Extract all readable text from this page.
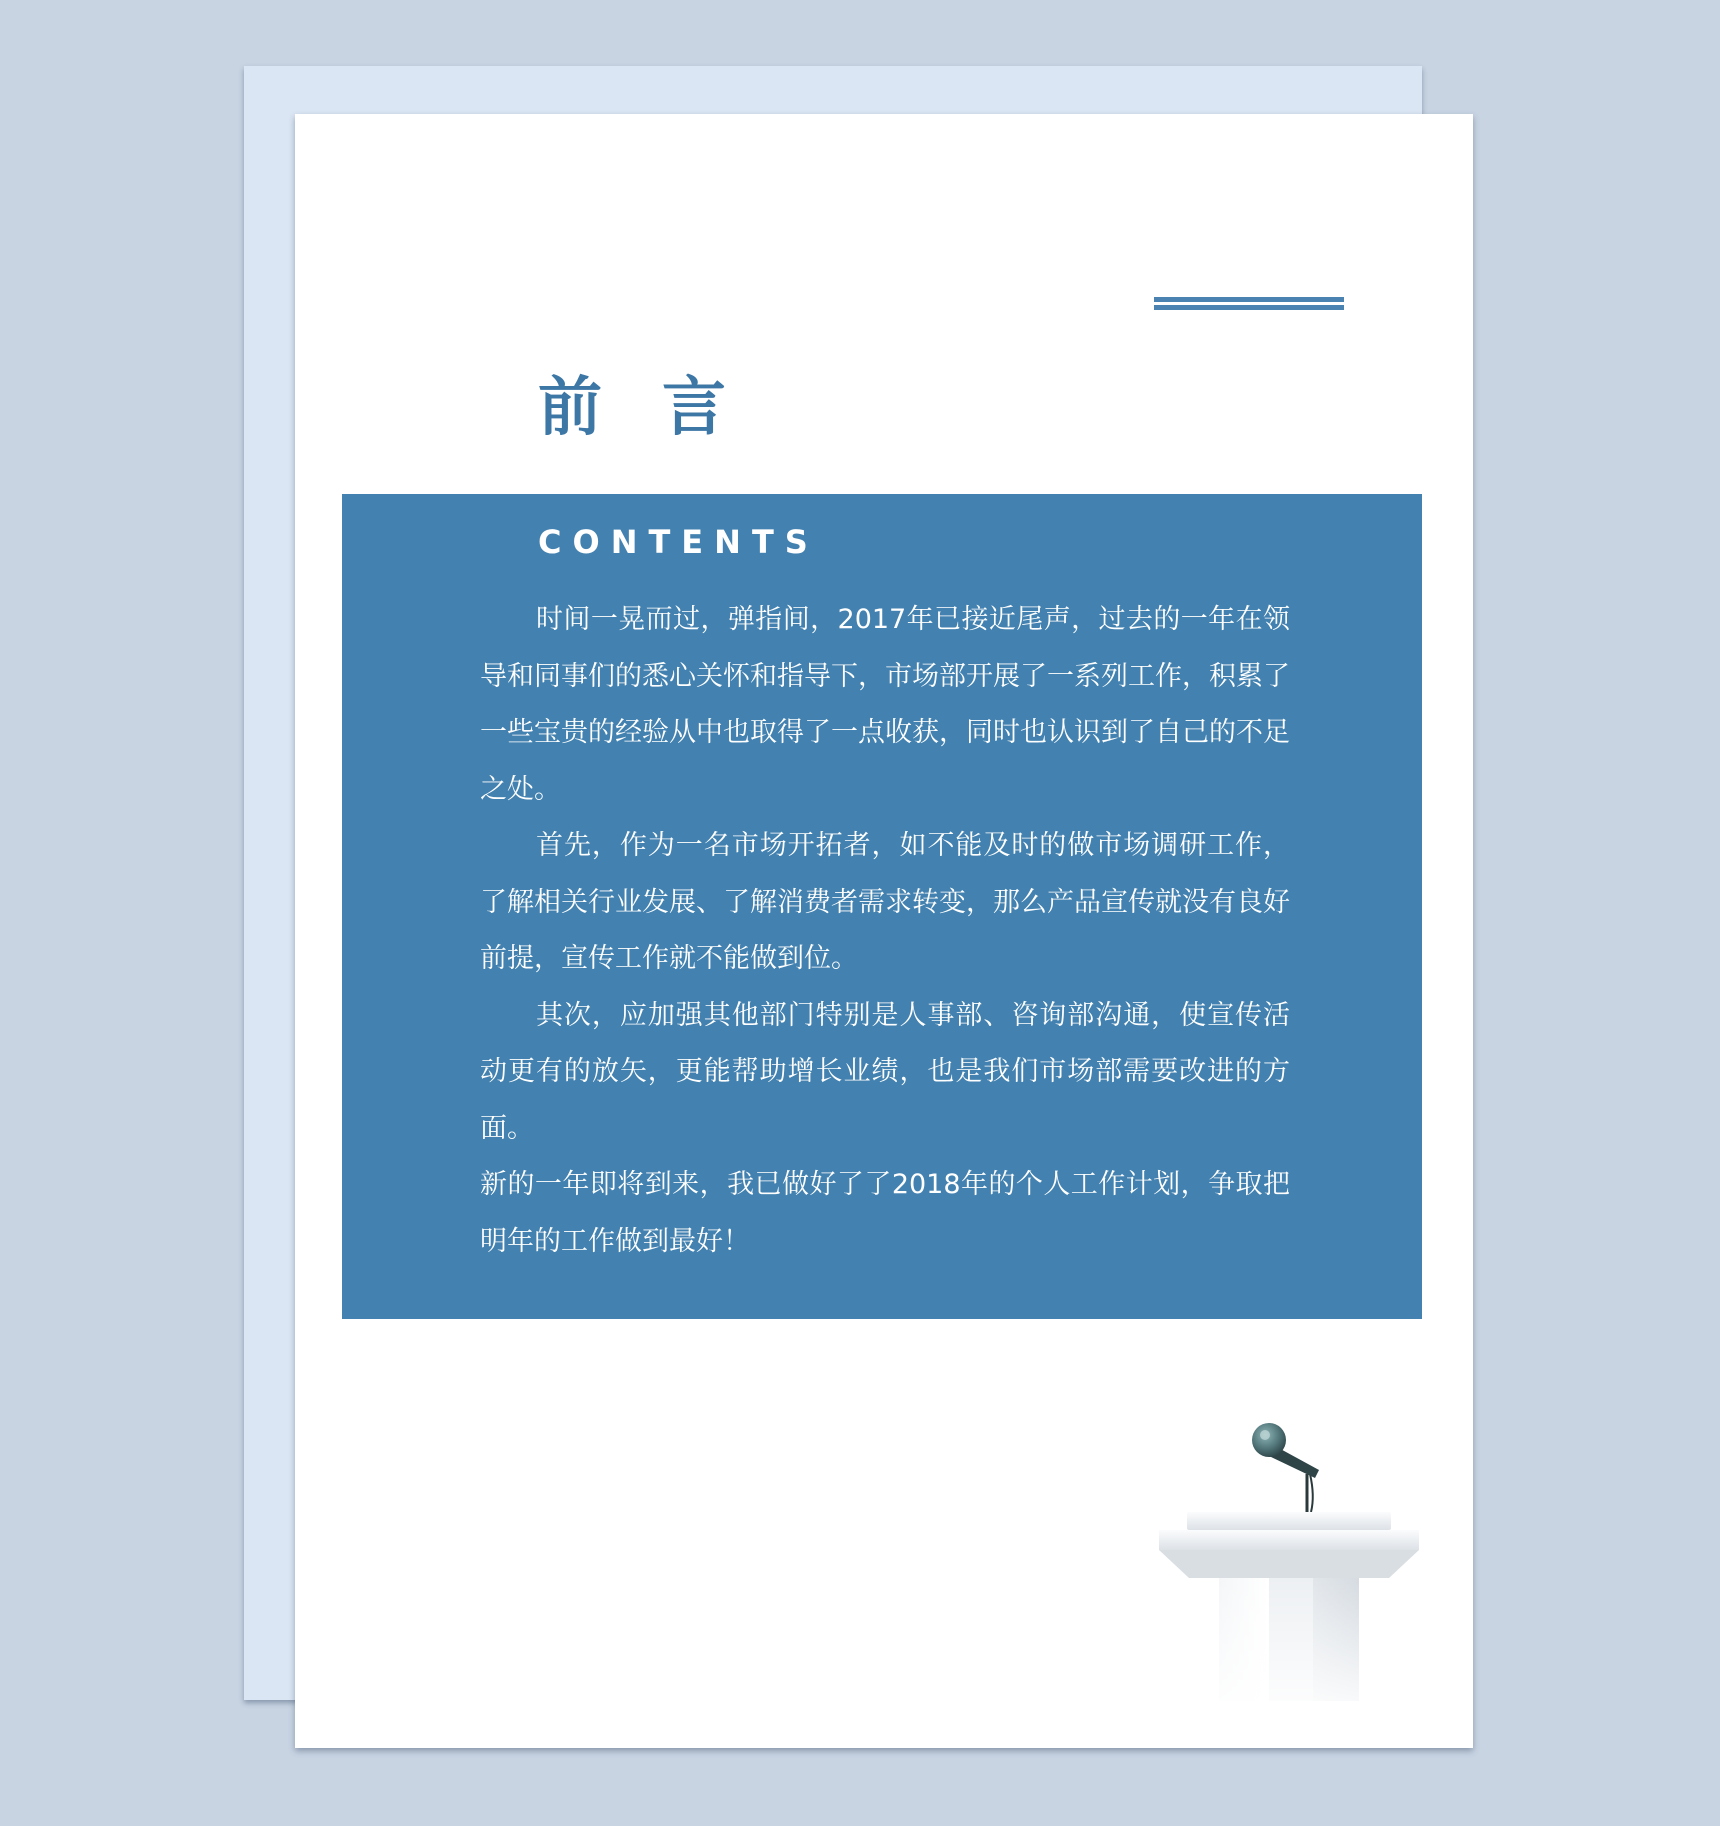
前言
CONTENTS

时间一晃而过，弹指间，2017年已接近尾声，过去的一年在领导和同事们的悉心关怀和指导下，市场部开展了一系列工作，积累了一些宝贵的经验从中也取得了一点收获，同时也认识到了自己的不足之处。

首先，作为一名市场开拓者，如不能及时的做市场调研工作，了解相关行业发展、了解消费者需求转变，那么产品宣传就没有良好前提，宣传工作就不能做到位。

其次，应加强其他部门特别是人事部、咨询部沟通，使宣传活动更有的放矢，更能帮助增长业绩，也是我们市场部需要改进的方面。

新的一年即将到来，我已做好了了2018年的个人工作计划，争取把明年的工作做到最好！
